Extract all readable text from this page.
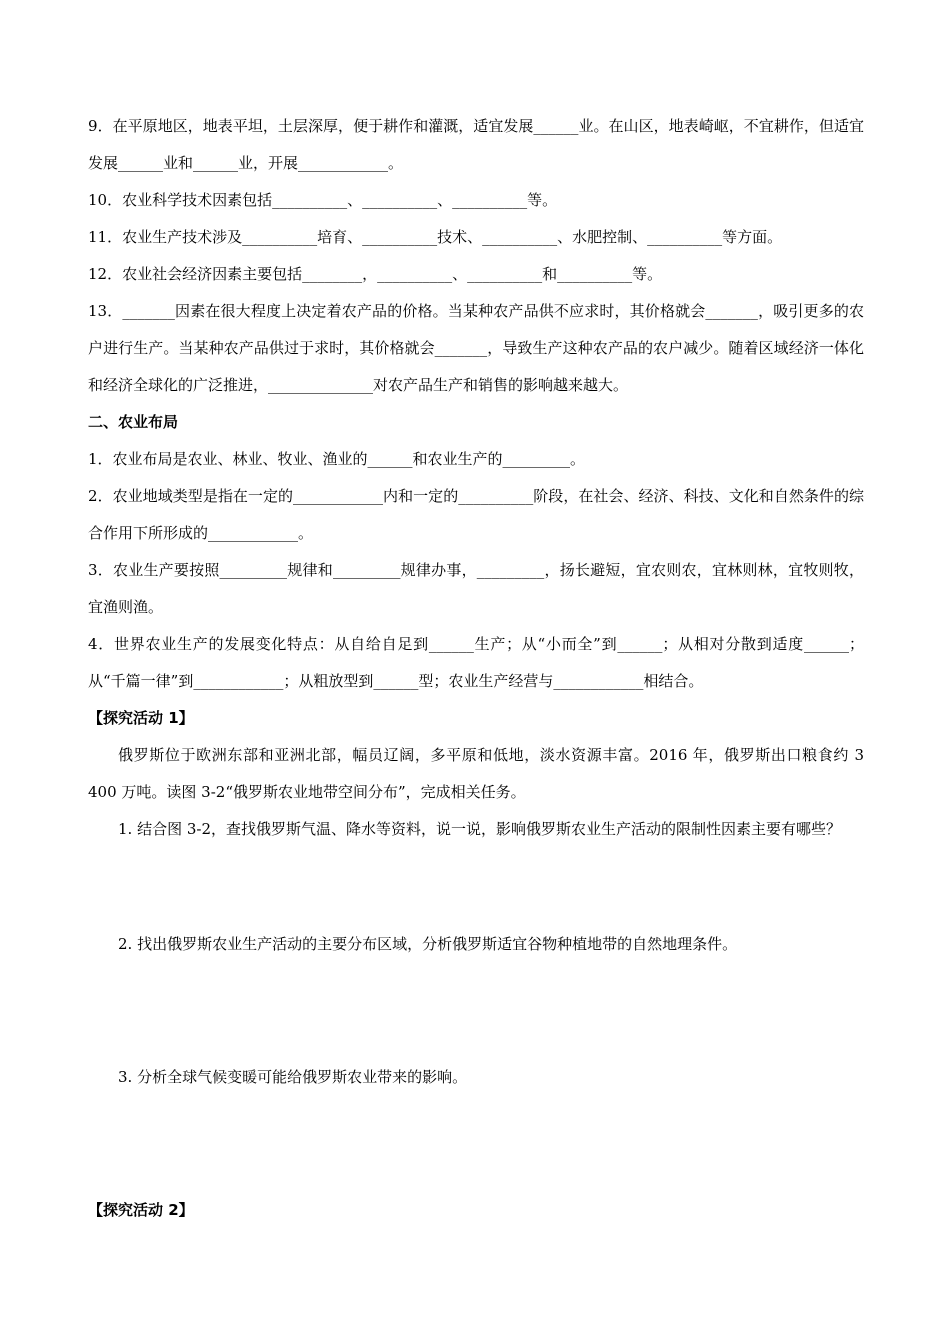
9．在平原地区，地表平坦，土层深厚，便于耕作和灌溉，适宜发展______业。在山区，地表崎岖，不宜耕作，但适宜发展______业和______业，开展____________。

10．农业科学技术因素包括__________、__________、__________等。

11．农业生产技术涉及__________培育、__________技术、__________、水肥控制、__________等方面。

12．农业社会经济因素主要包括________，__________、__________和__________等。

13．_______因素在很大程度上决定着农产品的价格。当某种农产品供不应求时，其价格就会_______，吸引更多的农户进行生产。当某种农产品供过于求时，其价格就会_______，导致生产这种农产品的农户减少。随着区域经济一体化和经济全球化的广泛推进，______________对农产品生产和销售的影响越来越大。

二、农业布局

1．农业布局是农业、林业、牧业、渔业的______和农业生产的_________。

2．农业地域类型是指在一定的____________内和一定的__________阶段，在社会、经济、科技、文化和自然条件的综合作用下所形成的____________。

3．农业生产要按照_________规律和_________规律办事，_________，扬长避短，宜农则农，宜林则林，宜牧则牧，宜渔则渔。

4．世界农业生产的发展变化特点：从自给自足到______生产；从“小而全”到______；从相对分散到适度______；从“千篇一律”到____________；从粗放型到______型；农业生产经营与____________相结合。

【探究活动 1】

俄罗斯位于欧洲东部和亚洲北部，幅员辽阔，多平原和低地，淡水资源丰富。2016 年，俄罗斯出口粮食约 3 400 万吨。读图 3-2“俄罗斯农业地带空间分布”，完成相关任务。

1. 结合图 3-2，查找俄罗斯气温、降水等资料，说一说，影响俄罗斯农业生产活动的限制性因素主要有哪些？

2. 找出俄罗斯农业生产活动的主要分布区域，分析俄罗斯适宜谷物种植地带的自然地理条件。

3. 分析全球气候变暖可能给俄罗斯农业带来的影响。

【探究活动 2】
